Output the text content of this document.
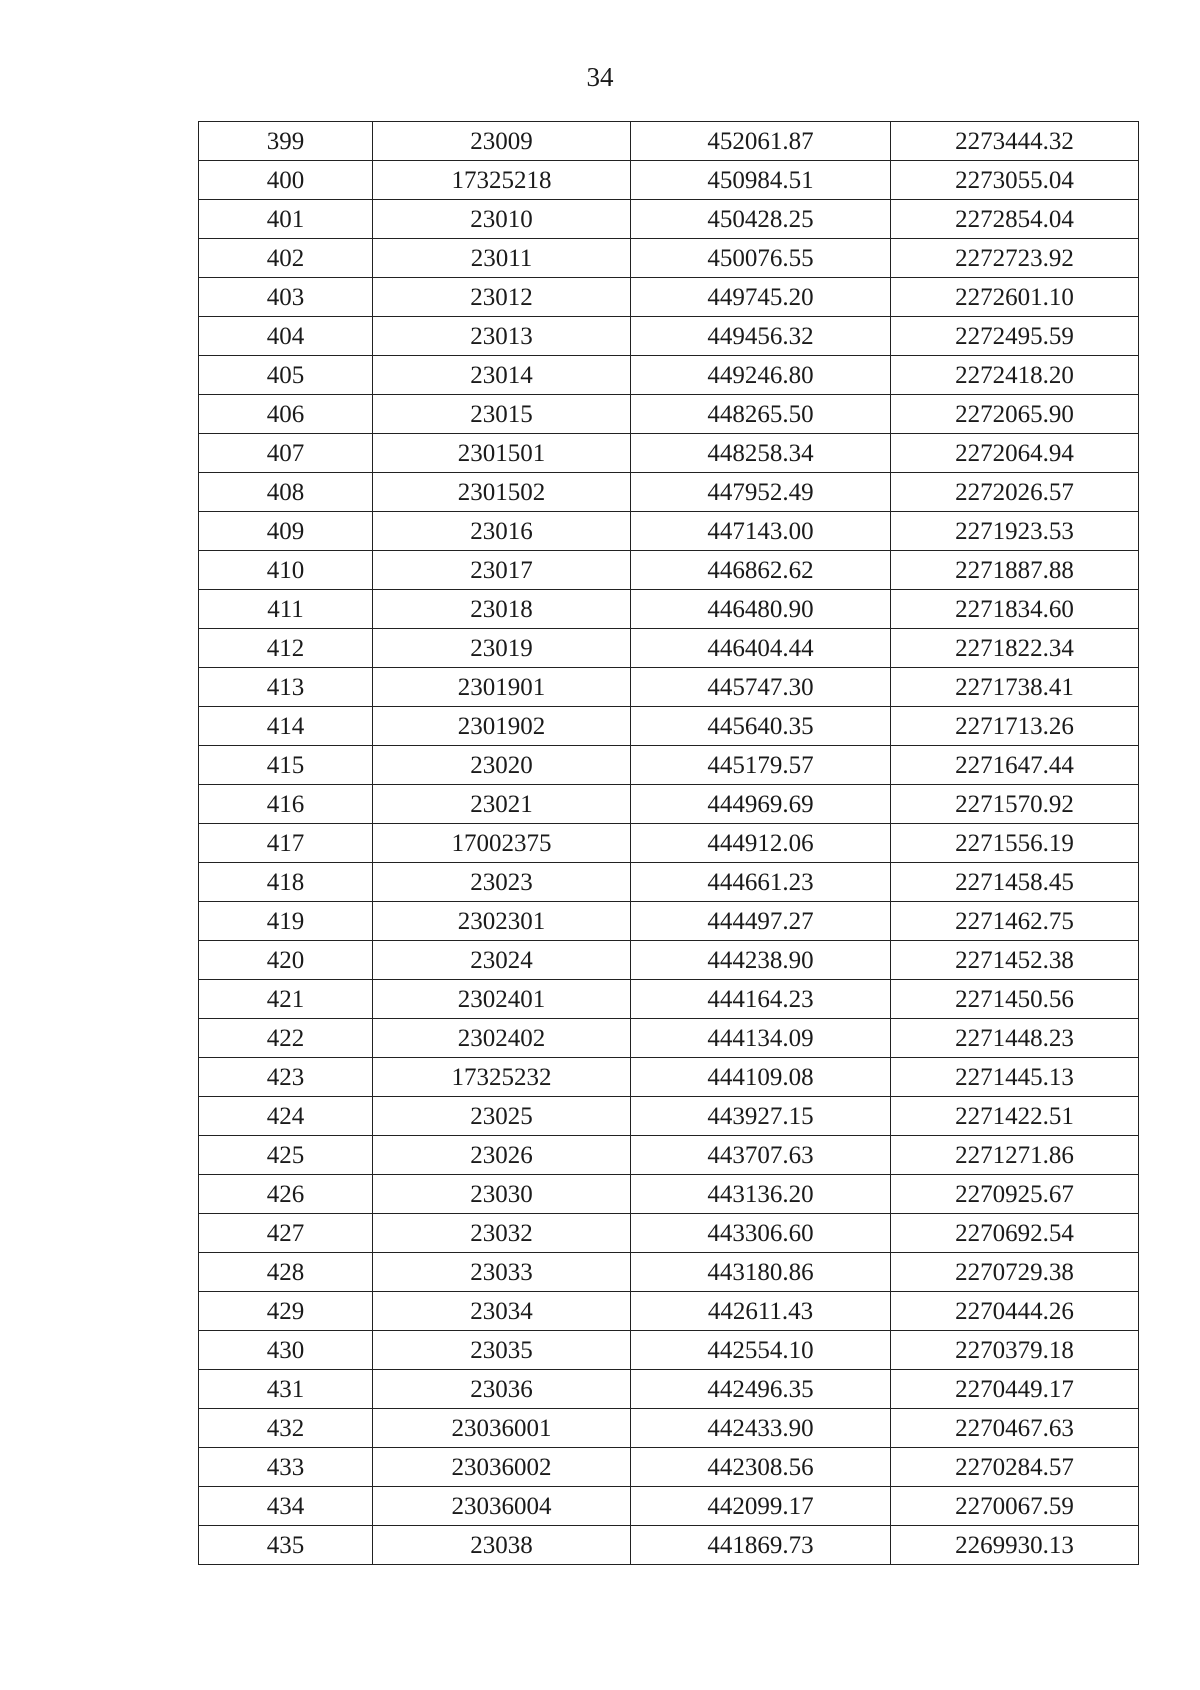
34
399	23009	452061.87	2273444.32
400	17325218	450984.51	2273055.04
401	23010	450428.25	2272854.04
402	23011	450076.55	2272723.92
403	23012	449745.20	2272601.10
404	23013	449456.32	2272495.59
405	23014	449246.80	2272418.20
406	23015	448265.50	2272065.90
407	2301501	448258.34	2272064.94
408	2301502	447952.49	2272026.57
409	23016	447143.00	2271923.53
410	23017	446862.62	2271887.88
411	23018	446480.90	2271834.60
412	23019	446404.44	2271822.34
413	2301901	445747.30	2271738.41
414	2301902	445640.35	2271713.26
415	23020	445179.57	2271647.44
416	23021	444969.69	2271570.92
417	17002375	444912.06	2271556.19
418	23023	444661.23	2271458.45
419	2302301	444497.27	2271462.75
420	23024	444238.90	2271452.38
421	2302401	444164.23	2271450.56
422	2302402	444134.09	2271448.23
423	17325232	444109.08	2271445.13
424	23025	443927.15	2271422.51
425	23026	443707.63	2271271.86
426	23030	443136.20	2270925.67
427	23032	443306.60	2270692.54
428	23033	443180.86	2270729.38
429	23034	442611.43	2270444.26
430	23035	442554.10	2270379.18
431	23036	442496.35	2270449.17
432	23036001	442433.90	2270467.63
433	23036002	442308.56	2270284.57
434	23036004	442099.17	2270067.59
435	23038	441869.73	2269930.13
